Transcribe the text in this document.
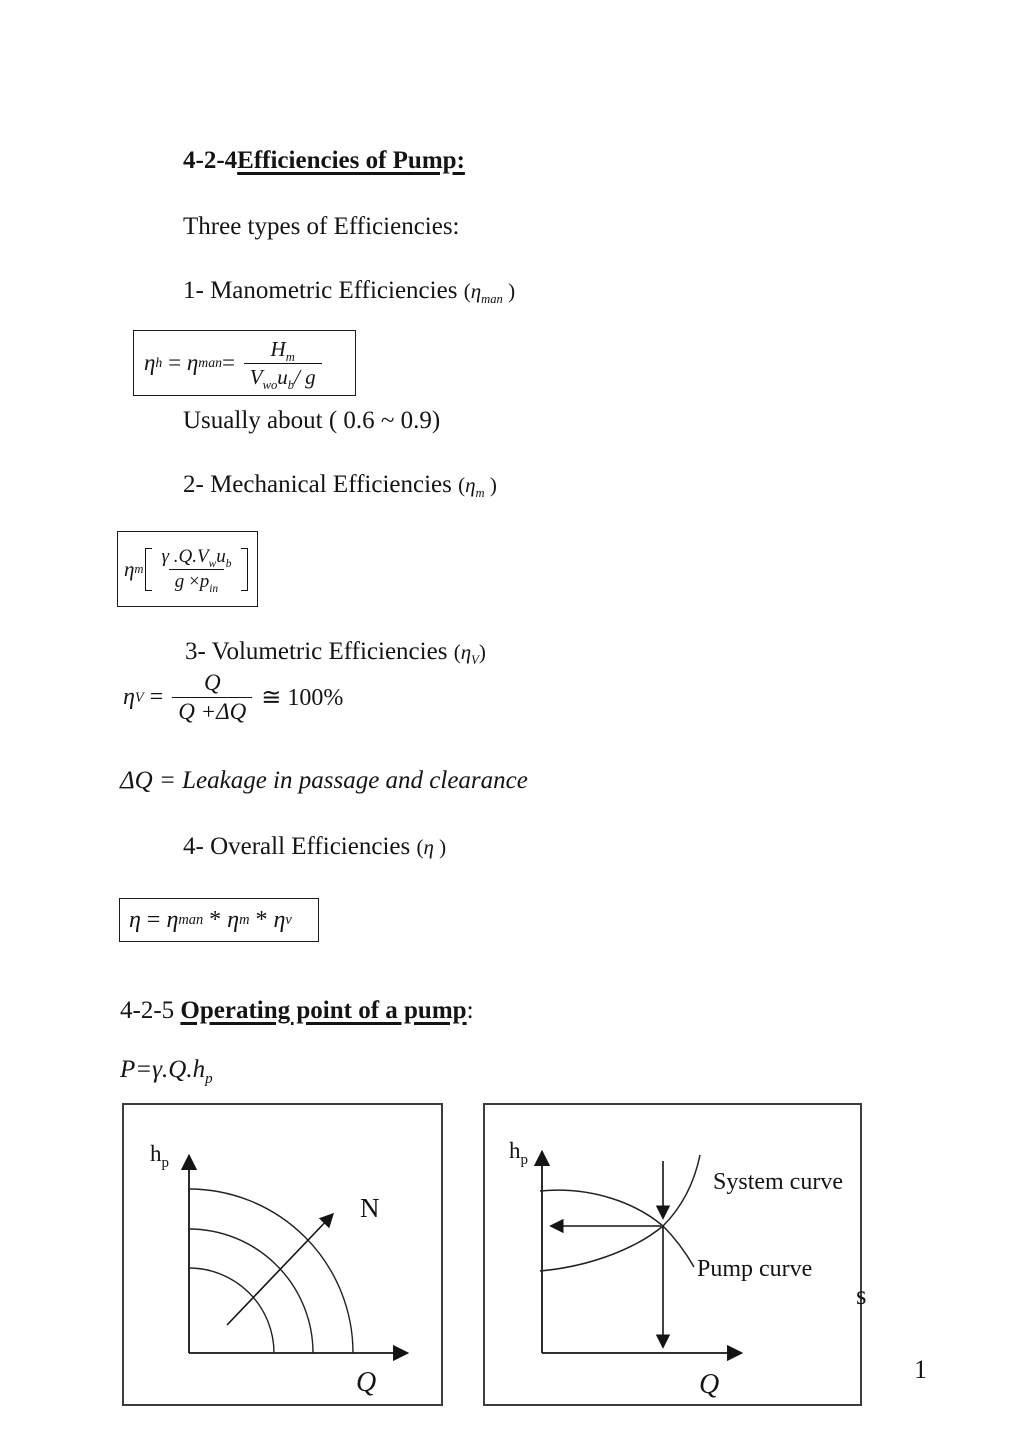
4-2-4Efficiencies of Pump:
Three types of Efficiencies:
1- Manometric Efficiencies ($\eta_{man}$ )
η h = η man = $\frac{H_m}{V_{wo}u_b/ g}$
Usually about ( 0.6 ~ 0.9)
2- Mechanical Efficiencies ($\eta_m$ )
η m $\frac{\gamma .Q.V_wu_b}{g \times p_{in}}$
3- Volumetric Efficiencies $(\eta_V)$
η $V = \frac{Q}{Q +\Delta Q}$ ≅ 100%
ΔQ = Leakage in passage and clearance
4- Overall Efficiencies (η )
η = η man * η m * η v
4-2-5 Operating point of a pump:
$P=\gamma.Q.h_p$
$h_p$
N
Q
$h_p$
System curve
Pump curve
Q
s
1
